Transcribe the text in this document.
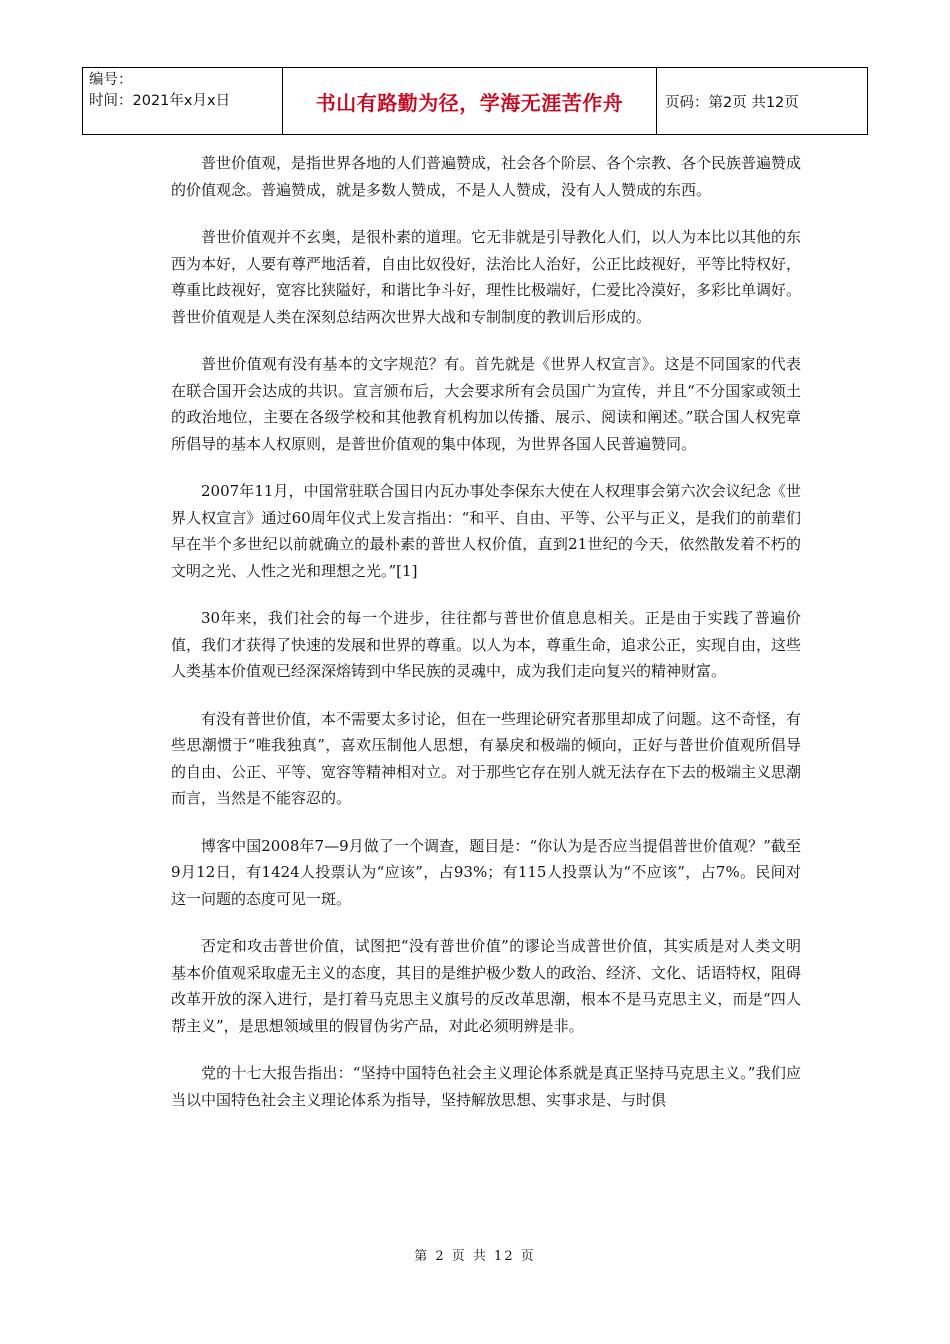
编号：
时间：2021年x月x日	书山有路勤为径，学海无涯苦作舟	页码：第2页 共12页

普世价值观，是指世界各地的人们普遍赞成，社会各个阶层、各个宗教、各个民族普遍赞成的价值观念。普遍赞成，就是多数人赞成，不是人人赞成，没有人人赞成的东西。

普世价值观并不玄奥，是很朴素的道理。它无非就是引导教化人们，以人为本比以其他的东西为本好，人要有尊严地活着，自由比奴役好，法治比人治好，公正比歧视好，平等比特权好，尊重比歧视好，宽容比狭隘好，和谐比争斗好，理性比极端好，仁爱比冷漠好，多彩比单调好。普世价值观是人类在深刻总结两次世界大战和专制制度的教训后形成的。

普世价值观有没有基本的文字规范？有。首先就是《世界人权宣言》。这是不同国家的代表在联合国开会达成的共识。宣言颁布后，大会要求所有会员国广为宣传，并且“不分国家或领土的政治地位，主要在各级学校和其他教育机构加以传播、展示、阅读和阐述。”联合国人权宪章所倡导的基本人权原则，是普世价值观的集中体现，为世界各国人民普遍赞同。

2007年11月，中国常驻联合国日内瓦办事处李保东大使在人权理事会第六次会议纪念《世界人权宣言》通过60周年仪式上发言指出：“和平、自由、平等、公平与正义，是我们的前辈们早在半个多世纪以前就确立的最朴素的普世人权价值，直到21世纪的今天，依然散发着不朽的文明之光、人性之光和理想之光。”[1]

30年来，我们社会的每一个进步，往往都与普世价值息息相关。正是由于实践了普遍价值，我们才获得了快速的发展和世界的尊重。以人为本，尊重生命，追求公正，实现自由，这些人类基本价值观已经深深熔铸到中华民族的灵魂中，成为我们走向复兴的精神财富。

有没有普世价值，本不需要太多讨论，但在一些理论研究者那里却成了问题。这不奇怪，有些思潮惯于“唯我独真”，喜欢压制他人思想，有暴戾和极端的倾向，正好与普世价值观所倡导的自由、公正、平等、宽容等精神相对立。对于那些它存在别人就无法存在下去的极端主义思潮而言，当然是不能容忍的。

博客中国2008年7—9月做了一个调查，题目是：“你认为是否应当提倡普世价值观？”截至9月12日，有1424人投票认为“应该”，占93%；有115人投票认为“不应该”，占7%。民间对这一问题的态度可见一斑。

否定和攻击普世价值，试图把“没有普世价值”的谬论当成普世价值，其实质是对人类文明基本价值观采取虚无主义的态度，其目的是维护极少数人的政治、经济、文化、话语特权，阻碍改革开放的深入进行，是打着马克思主义旗号的反改革思潮，根本不是马克思主义，而是“四人帮主义”，是思想领域里的假冒伪劣产品，对此必须明辨是非。

党的十七大报告指出：“坚持中国特色社会主义理论体系就是真正坚持马克思主义。”我们应当以中国特色社会主义理论体系为指导，坚持解放思想、实事求是、与时俱

第 2 页 共 12 页
